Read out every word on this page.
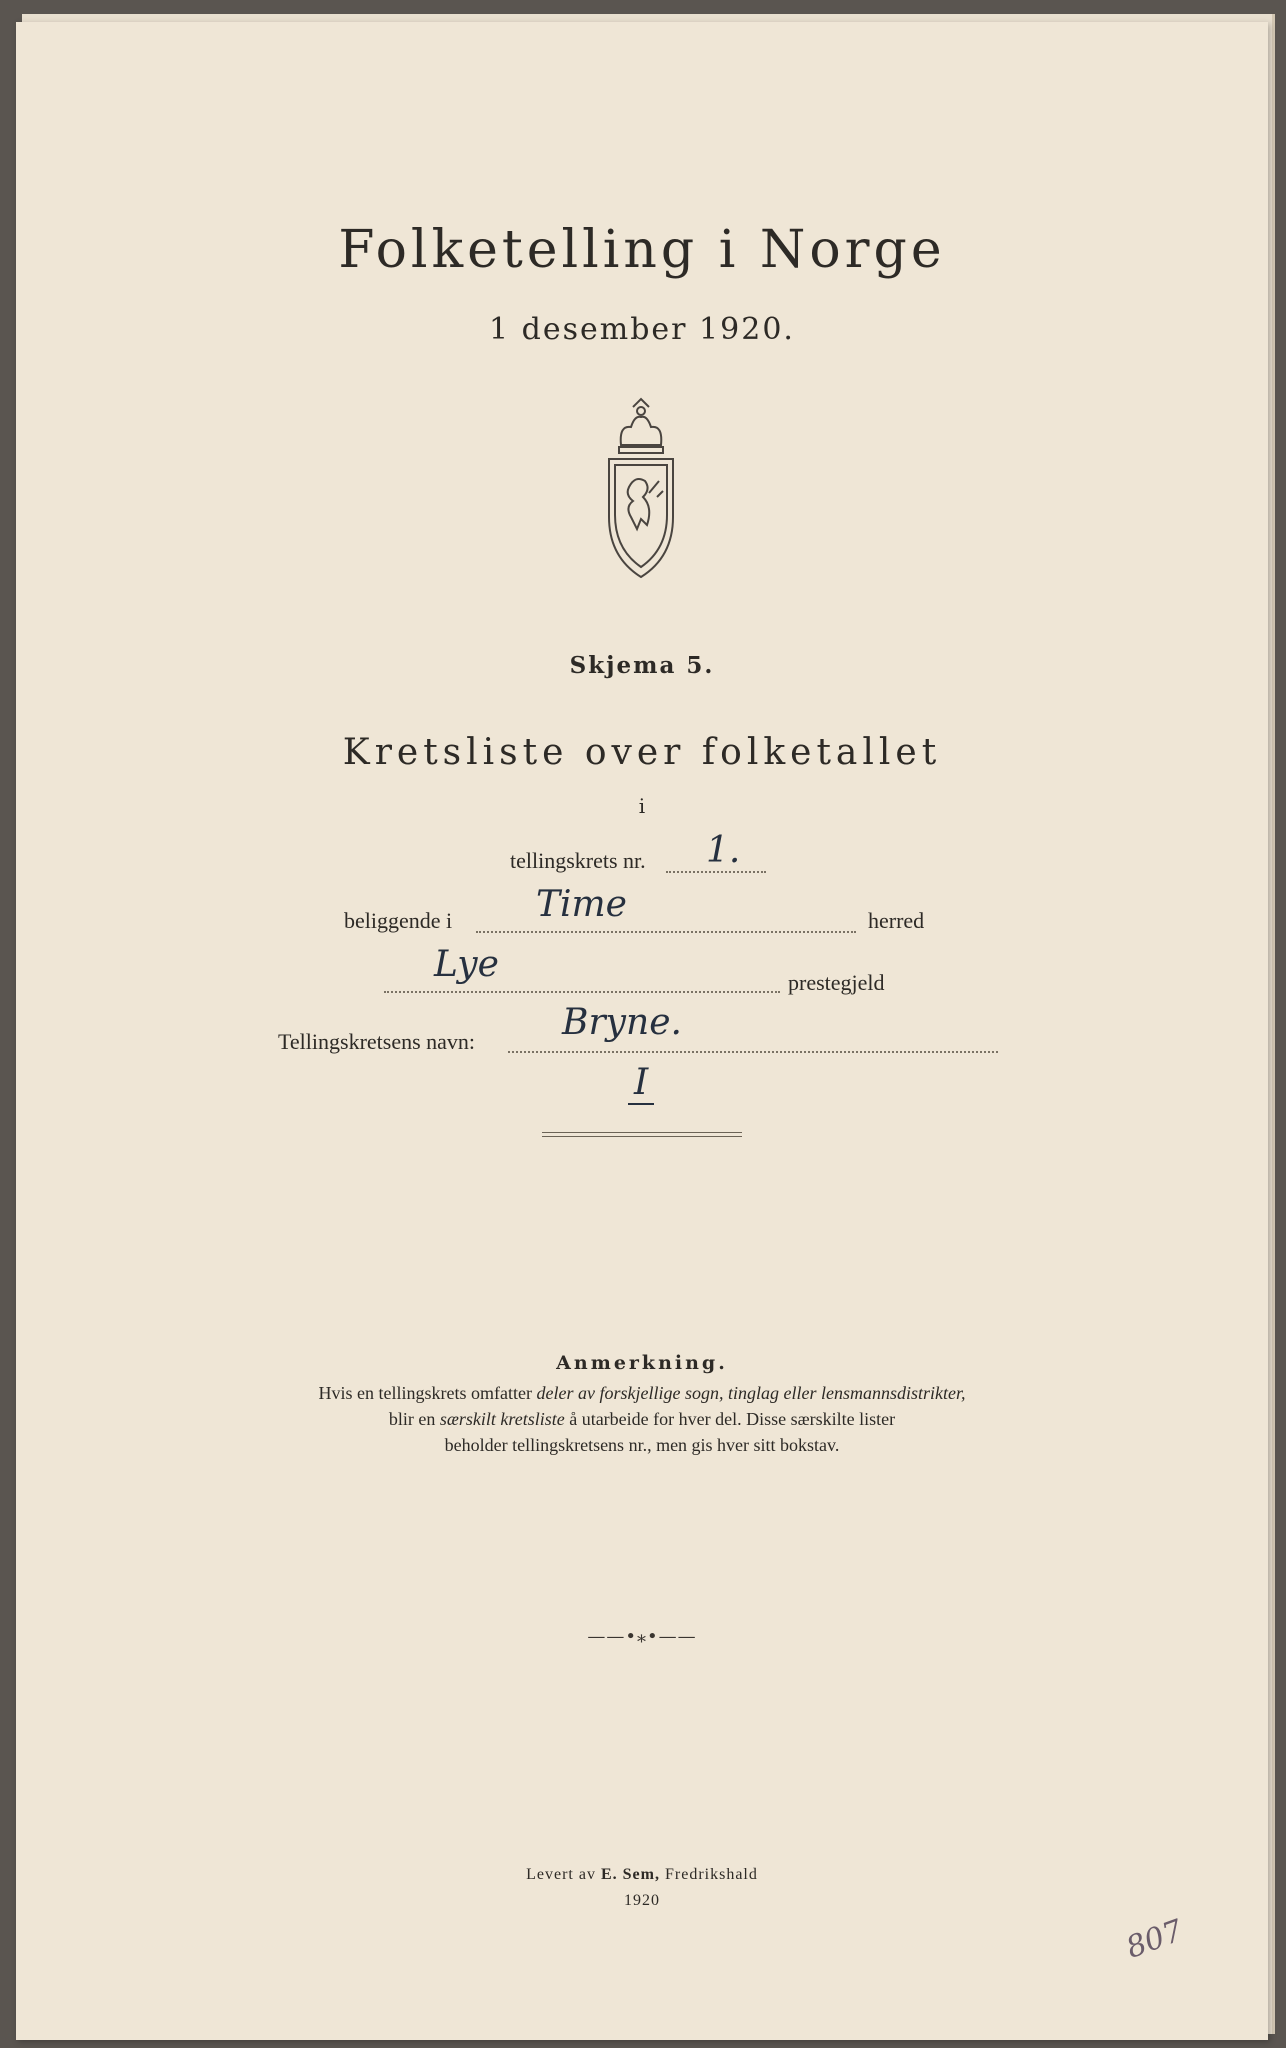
Folketelling i Norge
1 desember 1920.
Skjema 5.
Kretsliste over folketallet
i
tellingskrets nr. 1.
beliggende i Time	herred
Lye	prestegjeld
Tellingskretsens navn: Bryne.
I
Anmerkning.
Hvis en tellingskrets omfatter deler av forskjellige sogn, tinglag eller lensmannsdistrikter,
blir en særskilt kretsliste å utarbeide for hver del. Disse særskilte lister
beholder tellingskretsens nr., men gis hver sitt bokstav.
——•⁎•——
Levert av E. Sem, Fredrikshald
1920
807
